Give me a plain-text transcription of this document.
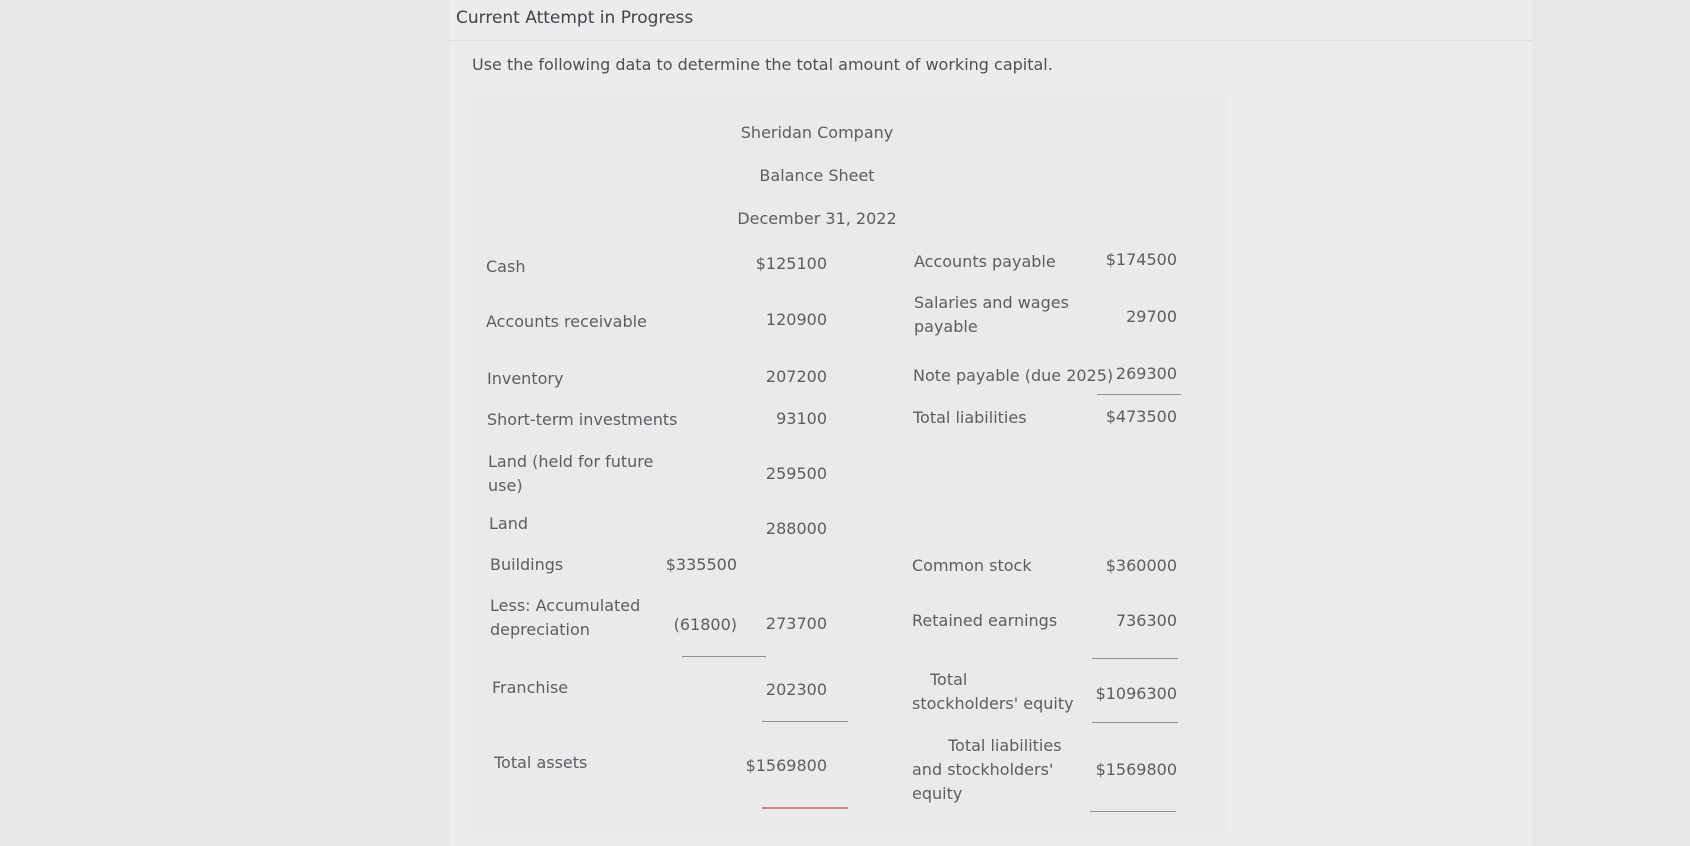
Current Attempt in Progress
Use the following data to determine the total amount of working capital.
Sheridan Company
Balance Sheet
December 31, 2022
Cash
Accounts receivable
Inventory
Short-term investments
Land (held for future use)
Land
Buildings
Less: Accumulated depreciation
Franchise
Total assets
$335500
(61800)
$125100
120900
207200
93100
259500
288000
273700
202300
$1569800
Accounts payable
Salaries and wages payable
Note payable (due 2025)
Total liabilities
$174500
29700
269300
$473500
Common stock
Retained earnings
Total stockholders' equity
Total liabilities and stockholders' equity
$360000
736300
$1096300
$1569800
